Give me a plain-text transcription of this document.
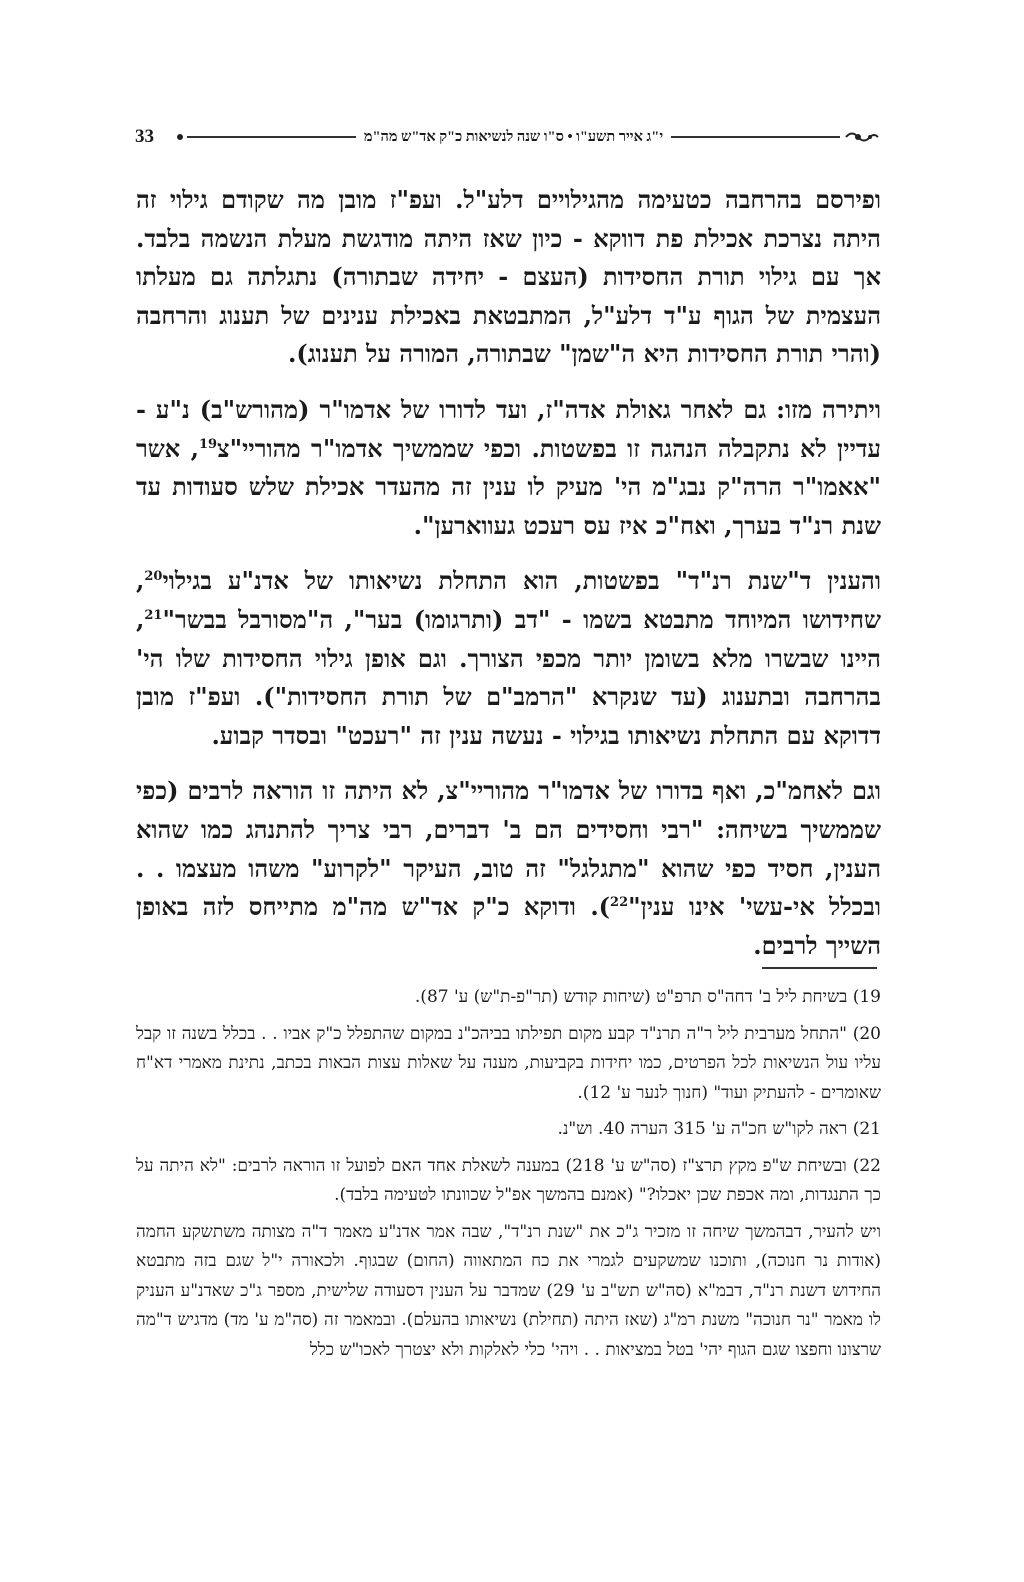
33	י"ג אייר תשע"ו • ס"ו שנה לנשיאות כ"ק אד"ש מה"מ

ופירסם בהרחבה כטעימה מהגילויים דלע"ל. ועפ"ז מובן מה שקודם גילוי זה היתה נצרכת אכילת פת דווקא - כיון שאז היתה מודגשת מעלת הנשמה בלבד. אך עם גילוי תורת החסידות (העצם - יחידה שבתורה) נתגלתה גם מעלתו העצמית של הגוף ע"ד דלע"ל, המתבטאת באכילת ענינים של תענוג והרחבה (והרי תורת החסידות היא ה"שמן" שבתורה, המורה על תענוג).

ויתירה מזו: גם לאחר גאולת אדה"ז, ועד לדורו של אדמו"ר (מהורש"ב) נ"ע - עדיין לא נתקבלה הנהגה זו בפשטות. וכפי שממשיך אדמו"ר מהוריי"צ$^{19}$, אשר "אאמו"ר הרה"ק נבג"מ הי' מעיק לו ענין זה מהעדר אכילת שלש סעודות עד שנת רנ"ד בערך, ואח"כ איז עס רעכט געווארען".

והענין ד"שנת רנ"ד" בפשטות, הוא התחלת נשיאותו של אדנ"ע בגילוי$^{20}$, שחידושו המיוחד מתבטא בשמו - "דב (ותרגומו) בער", ה"מסורבל בבשר"$^{21}$, היינו שבשרו מלא בשומן יותר מכפי הצורך. וגם אופן גילוי החסידות שלו הי' בהרחבה ובתענוג (עד שנקרא "הרמב"ם של תורת החסידות"). ועפ"ז מובן דדוקא עם התחלת נשיאותו בגילוי - נעשה ענין זה "רעכט" ובסדר קבוע.

וגם לאחמ"כ, ואף בדורו של אדמו"ר מהוריי"צ, לא היתה זו הוראה לרבים (כפי שממשיך בשיחה: "רבי וחסידים הם ב' דברים, רבי צריך להתנהג כמו שהוא הענין, חסיד כפי שהוא "מתגלגל" זה טוב, העיקר "לקרוע" משהו מעצמו . . ובכלל אי-עשי' אינו ענין"$^{22}$). ודוקא כ"ק אד"ש מה"מ מתייחס לזה באופן השייך לרבים.

19) בשיחת ליל ב' דחה"ס תרפ"ט (שיחות קודש (תר"פ-ת"ש) ע' 87).

20) "התחל מערבית ליל ר"ה תרנ"ד קבע מקום תפילתו בביהכ"נ במקום שהתפלל כ"ק אביו . . בכלל בשנה זו קבל עליו עול הנשיאות לכל הפרטים, כמו יחידות בקביעות, מענה על שאלות עצות הבאות בכתב, נתינת מאמרי דא"ח שאומרים - להעתיק ועוד" (חנוך לנער ע' 12).

21) ראה לקו"ש חכ"ה ע' 315 הערה 40. וש"נ.

22) ובשיחת ש"פ מקץ תרצ"ז (סה"ש ע' 218) במענה לשאלת אחד האם לפועל זו הוראה לרבים: "לא היתה על כך התנגדות, ומה אכפת שכן יאכלו?" (אמנם בהמשך אפ"ל שכוונתו לטעימה בלבד).

ויש להעיר, דבהמשך שיחה זו מזכיר ג"כ את "שנת רנ"ד", שבה אמר אדנ"ע מאמר ד"ה מצותה משתשקע החמה (אודות נר חנוכה), ותוכנו שמשקעים לגמרי את כח המתאווה (החום) שבגוף. ולכאורה י"ל שגם בזה מתבטא החידוש דשנת רנ"ד, דבמ"א (סה"ש תש"ב ע' 29) שמדבר על הענין דסעודה שלישית, מספר ג"כ שאדנ"ע העניק לו מאמר "נר חנוכה" משנת רמ"ג (שאז היתה (תחילת) נשיאותו בהעלם). ובמאמר זה (סה"מ ע' מד) מדגיש ד"מה שרצונו וחפצו שגם הגוף יהי' בטל במציאות . . ויהי' כלי לאלקות ולא יצטרך לאכו"ש כלל
